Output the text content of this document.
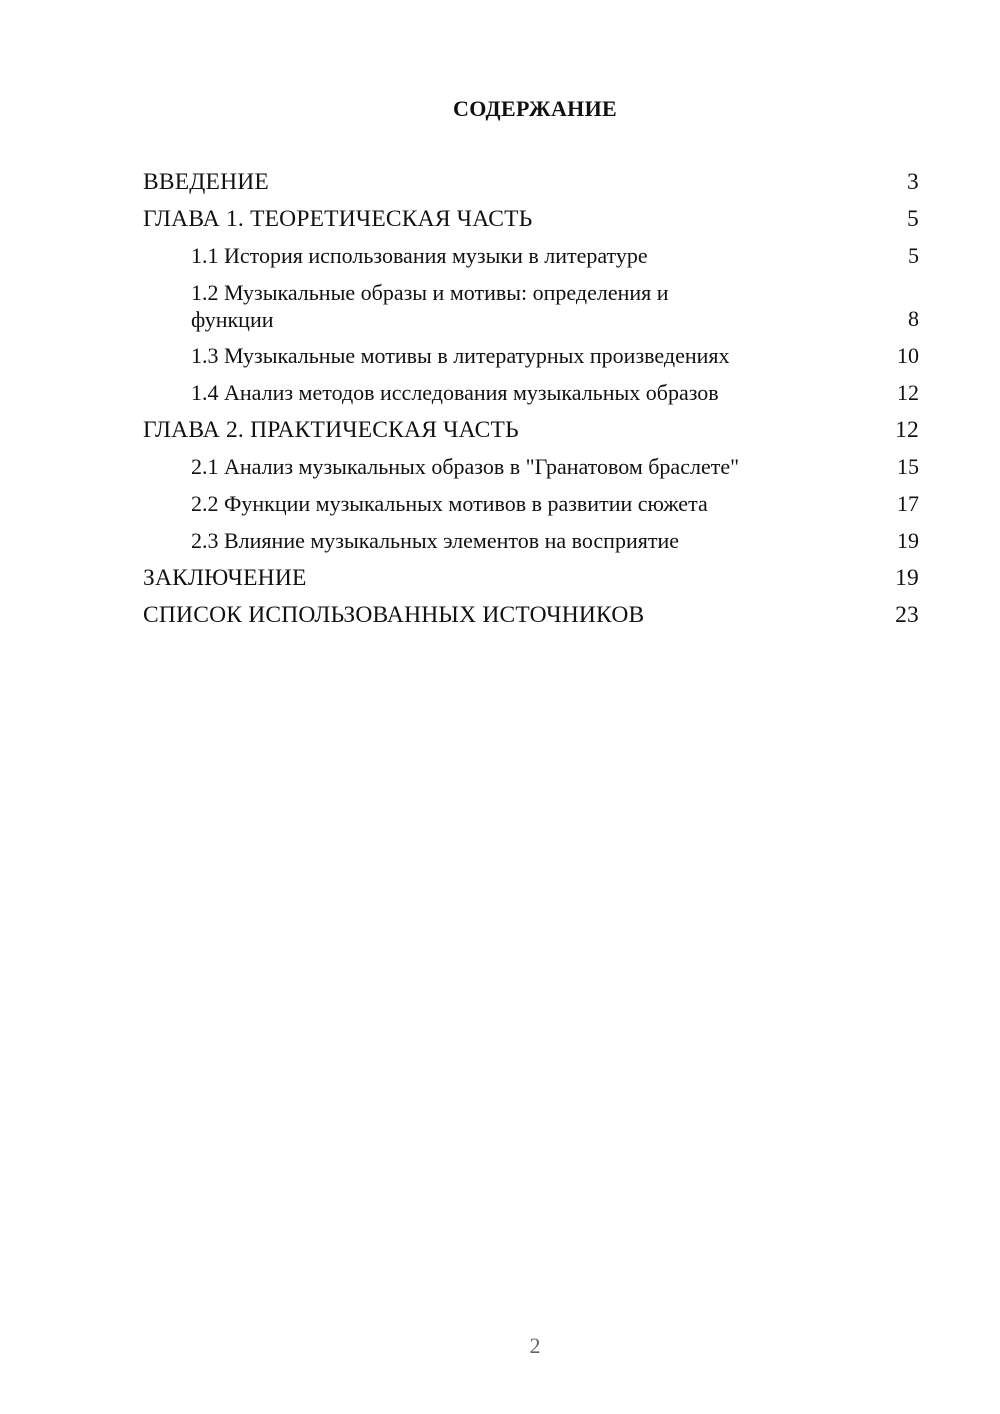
СОДЕРЖАНИЕ
ВВЕДЕНИЕ	3
ГЛАВА 1. ТЕОРЕТИЧЕСКАЯ ЧАСТЬ	5
1.1 История использования музыки в литературе	5
1.2 Музыкальные образы и мотивы: определения и функции	8
1.3 Музыкальные мотивы в литературных произведениях	10
1.4 Анализ методов исследования музыкальных образов	12
ГЛАВА 2. ПРАКТИЧЕСКАЯ ЧАСТЬ	12
2.1 Анализ музыкальных образов в "Гранатовом браслете"	15
2.2 Функции музыкальных мотивов в развитии сюжета	17
2.3 Влияние музыкальных элементов на восприятие	19
ЗАКЛЮЧЕНИЕ	19
СПИСОК ИСПОЛЬЗОВАННЫХ ИСТОЧНИКОВ	23
2
